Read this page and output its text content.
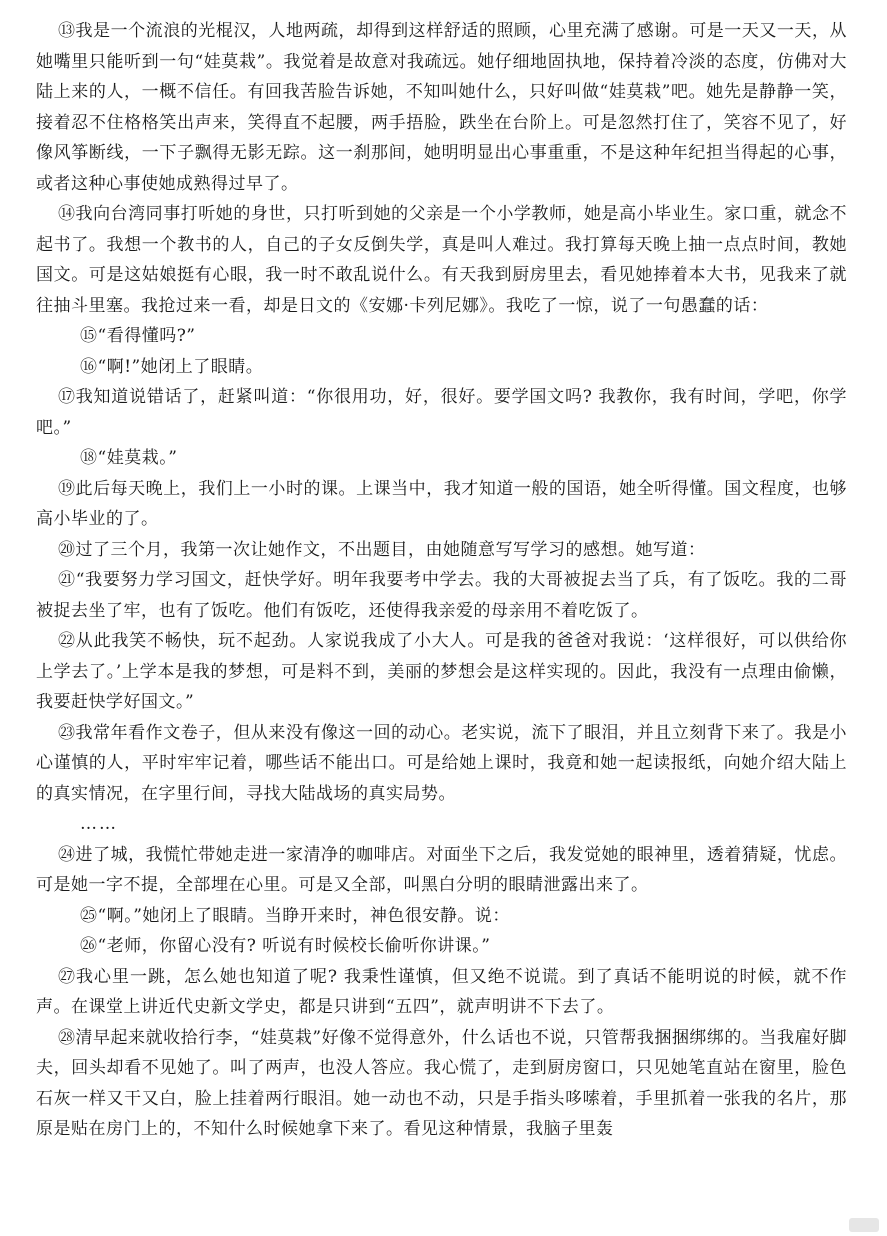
⑬我是一个流浪的光棍汉，人地两疏，却得到这样舒适的照顾，心里充满了感谢。可是一天又一天，从她嘴里只能听到一句“娃莫栽”。我觉着是故意对我疏远。她仔细地固执地，保持着冷淡的态度，仿佛对大陆上来的人，一概不信任。有回我苦脸告诉她，不知叫她什么，只好叫做“娃莫栽”吧。她先是静静一笑，接着忍不住格格笑出声来，笑得直不起腰，两手捂脸，跌坐在台阶上。可是忽然打住了，笑容不见了，好像风筝断线，一下子飘得无影无踪。这一刹那间，她明明显出心事重重，不是这种年纪担当得起的心事，或者这种心事使她成熟得过早了。

⑭我向台湾同事打听她的身世，只打听到她的父亲是一个小学教师，她是高小毕业生。家口重，就念不起书了。我想一个教书的人，自己的子女反倒失学，真是叫人难过。我打算每天晚上抽一点点时间，教她国文。可是这姑娘挺有心眼，我一时不敢乱说什么。有天我到厨房里去，看见她捧着本大书，见我来了就往抽斗里塞。我抢过来一看，却是日文的《安娜·卡列尼娜》。我吃了一惊，说了一句愚蠢的话：

⑮“看得懂吗?”

⑯“啊!”她闭上了眼睛。

⑰我知道说错话了，赶紧叫道：“你很用功，好，很好。要学国文吗? 我教你，我有时间，学吧，你学吧。”

⑱“娃莫栽。”

⑲此后每天晚上，我们上一小时的课。上课当中，我才知道一般的国语，她全听得懂。国文程度，也够高小毕业的了。

⑳过了三个月，我第一次让她作文，不出题目，由她随意写写学习的感想。她写道：

㉑“我要努力学习国文，赶快学好。明年我要考中学去。我的大哥被捉去当了兵，有了饭吃。我的二哥被捉去坐了牢，也有了饭吃。他们有饭吃，还使得我亲爱的母亲用不着吃饭了。

㉒从此我笑不畅快，玩不起劲。人家说我成了小大人。可是我的爸爸对我说：‘这样很好，可以供给你上学去了。’上学本是我的梦想，可是料不到，美丽的梦想会是这样实现的。因此，我没有一点理由偷懒，我要赶快学好国文。”

㉓我常年看作文卷子，但从来没有像这一回的动心。老实说，流下了眼泪，并且立刻背下来了。我是小心谨慎的人，平时牢牢记着，哪些话不能出口。可是给她上课时，我竟和她一起读报纸，向她介绍大陆上的真实情况，在字里行间，寻找大陆战场的真实局势。

……

㉔进了城，我慌忙带她走进一家清净的咖啡店。对面坐下之后，我发觉她的眼神里，透着猜疑，忧虑。可是她一字不提，全部埋在心里。可是又全部，叫黑白分明的眼睛泄露出来了。

㉕“啊。”她闭上了眼睛。当睁开来时，神色很安静。说：

㉖“老师，你留心没有? 听说有时候校长偷听你讲课。”

㉗我心里一跳，怎么她也知道了呢? 我秉性谨慎，但又绝不说谎。到了真话不能明说的时候，就不作声。在课堂上讲近代史新文学史，都是只讲到“五四”，就声明讲不下去了。

㉘清早起来就收拾行李，“娃莫栽”好像不觉得意外，什么话也不说，只管帮我捆捆绑绑的。当我雇好脚夫，回头却看不见她了。叫了两声，也没人答应。我心慌了，走到厨房窗口，只见她笔直站在窗里，脸色石灰一样又干又白，脸上挂着两行眼泪。她一动也不动，只是手指头哆嗦着，手里抓着一张我的名片，那原是贴在房门上的，不知什么时候她拿下来了。看见这种情景，我脑子里轰
